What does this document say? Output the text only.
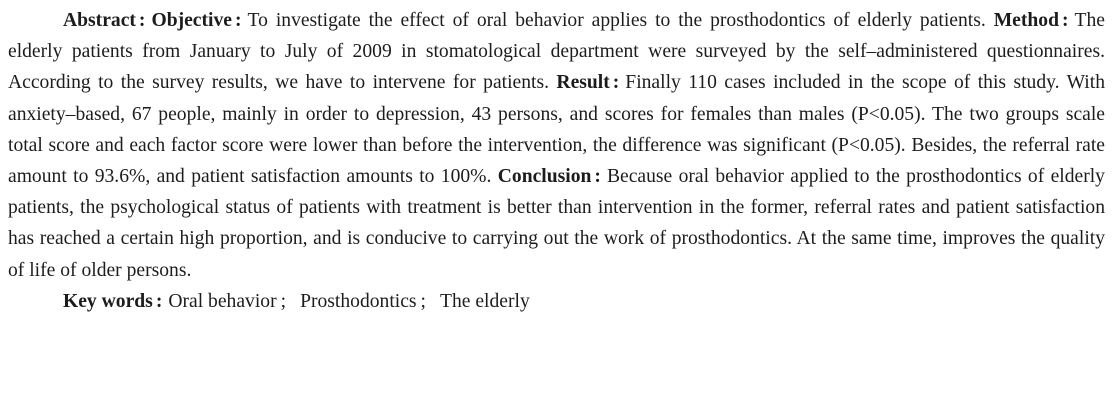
Abstract : Objective : To investigate the effect of oral behavior applies to the prosthodontics of elderly patients. Method : The elderly patients from January to July of 2009 in stomatological department were surveyed by the self–administered questionnaires. According to the survey results, we have to intervene for patients. Result : Finally 110 cases included in the scope of this study. With anxiety–based, 67 people, mainly in order to depression, 43 persons, and scores for females than males (P<0.05). The two groups scale total score and each factor score were lower than before the intervention, the difference was significant (P<0.05). Besides, the referral rate amount to 93.6%, and patient satisfaction amounts to 100%. Conclusion : Because oral behavior applied to the prosthodontics of elderly patients, the psychological status of patients with treatment is better than intervention in the former, referral rates and patient satisfaction has reached a certain high proportion, and is conducive to carrying out the work of prosthodontics. At the same time, improves the quality of life of older persons.

Key words : Oral behavior ; Prosthodontics ; The elderly
